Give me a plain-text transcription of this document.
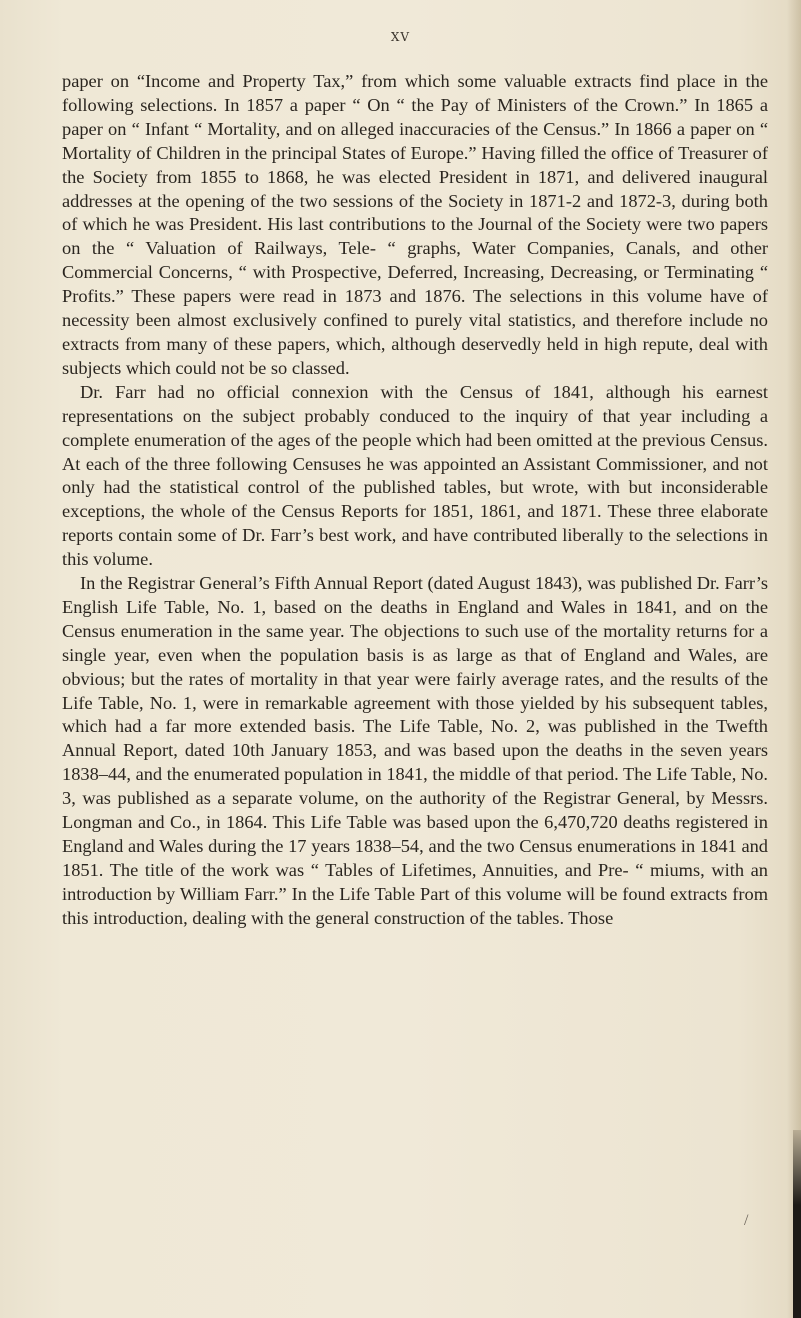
XV

paper on “Income and Property Tax,” from which some valuable extracts find place in the following selections. In 1857 a paper “ On “ the Pay of Ministers of the Crown.” In 1865 a paper on “ Infant “ Mortality, and on alleged inaccuracies of the Census.” In 1866 a paper on “ Mortality of Children in the principal States of Europe.” Having filled the office of Treasurer of the Society from 1855 to 1868, he was elected President in 1871, and delivered inaugural addresses at the opening of the two sessions of the Society in 1871-2 and 1872-3, during both of which he was President. His last contributions to the Journal of the Society were two papers on the “ Valuation of Railways, Tele- “ graphs, Water Companies, Canals, and other Commercial Concerns, “ with Prospective, Deferred, Increasing, Decreasing, or Terminating “ Profits.” These papers were read in 1873 and 1876. The selections in this volume have of necessity been almost exclusively confined to purely vital statistics, and therefore include no extracts from many of these papers, which, although deservedly held in high repute, deal with subjects which could not be so classed.

Dr. Farr had no official connexion with the Census of 1841, although his earnest representations on the subject probably conduced to the inquiry of that year including a complete enumeration of the ages of the people which had been omitted at the previous Census. At each of the three following Censuses he was appointed an Assistant Commissioner, and not only had the statistical control of the published tables, but wrote, with but inconsiderable exceptions, the whole of the Census Reports for 1851, 1861, and 1871. These three elaborate reports contain some of Dr. Farr’s best work, and have contributed liberally to the selections in this volume.

In the Registrar General’s Fifth Annual Report (dated August 1843), was published Dr. Farr’s English Life Table, No. 1, based on the deaths in England and Wales in 1841, and on the Census enumeration in the same year. The objections to such use of the mortality returns for a single year, even when the population basis is as large as that of England and Wales, are obvious; but the rates of mortality in that year were fairly average rates, and the results of the Life Table, No. 1, were in remarkable agreement with those yielded by his subsequent tables, which had a far more extended basis. The Life Table, No. 2, was published in the Twefth Annual Report, dated 10th January 1853, and was based upon the deaths in the seven years 1838–44, and the enumerated population in 1841, the middle of that period. The Life Table, No. 3, was published as a separate volume, on the authority of the Registrar General, by Messrs. Longman and Co., in 1864. This Life Table was based upon the 6,470,720 deaths registered in England and Wales during the 17 years 1838–54, and the two Census enumerations in 1841 and 1851. The title of the work was “ Tables of Lifetimes, Annuities, and Pre- “ miums, with an introduction by William Farr.” In the Life Table Part of this volume will be found extracts from this introduction, dealing with the general construction of the tables. Those

/
